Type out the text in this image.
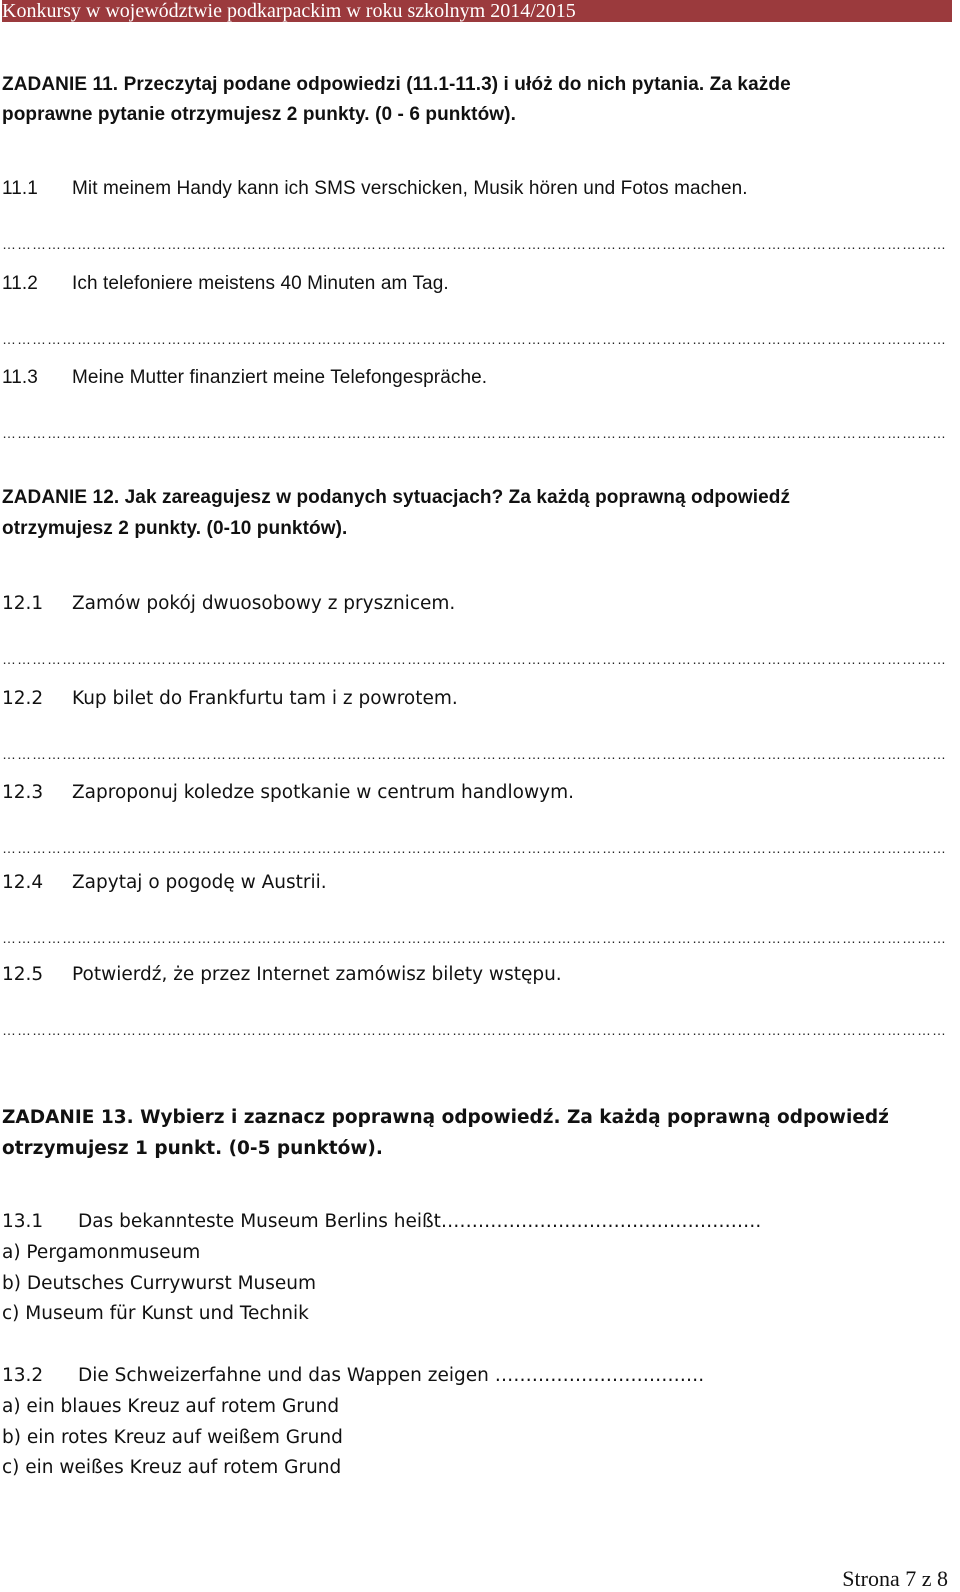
Konkursy w województwie podkarpackim w roku szkolnym 2014/2015
ZADANIE 11. Przeczytaj podane odpowiedzi (11.1-11.3) i ułóż do nich pytania. Za każde
poprawne pytanie otrzymujesz 2 punkty. (0 - 6 punktów).
11.1 Mit meinem Handy kann ich SMS verschicken, Musik hören und Fotos machen.
…………………………………………………………………………………………………………………………………………………………………………………………………………
11.2 Ich telefoniere meistens 40 Minuten am Tag.
…………………………………………………………………………………………………………………………………………………………………………………………………………
11.3 Meine Mutter finanziert meine Telefongespräche.
…………………………………………………………………………………………………………………………………………………………………………………………………………
ZADANIE 12. Jak zareagujesz w podanych sytuacjach? Za każdą poprawną odpowiedź
otrzymujesz 2 punkty. (0-10 punktów).
12.1 Zamów pokój dwuosobowy z prysznicem.
…………………………………………………………………………………………………………………………………………………………………………………………………………
12.2 Kup bilet do Frankfurtu tam i z powrotem.
…………………………………………………………………………………………………………………………………………………………………………………………………………
12.3 Zaproponuj koledze spotkanie w centrum handlowym.
…………………………………………………………………………………………………………………………………………………………………………………………………………
12.4 Zapytaj o pogodę w Austrii.
…………………………………………………………………………………………………………………………………………………………………………………………………………
12.5 Potwierdź, że przez Internet zamówisz bilety wstępu.
…………………………………………………………………………………………………………………………………………………………………………………………………………
ZADANIE 13. Wybierz i zaznacz poprawną odpowiedź. Za każdą poprawną odpowiedź
otrzymujesz 1 punkt. (0-5 punktów).
13.1 Das bekannteste Museum Berlins heißt…………………………………………….
a) Pergamonmuseum
b) Deutsches Currywurst Museum
c) Museum für Kunst und Technik
13.2 Die Schweizerfahne und das Wappen zeigen …………………………….
a) ein blaues Kreuz auf rotem Grund
b) ein rotes Kreuz auf weißem Grund
c) ein weißes Kreuz auf rotem Grund
Strona 7 z 8
